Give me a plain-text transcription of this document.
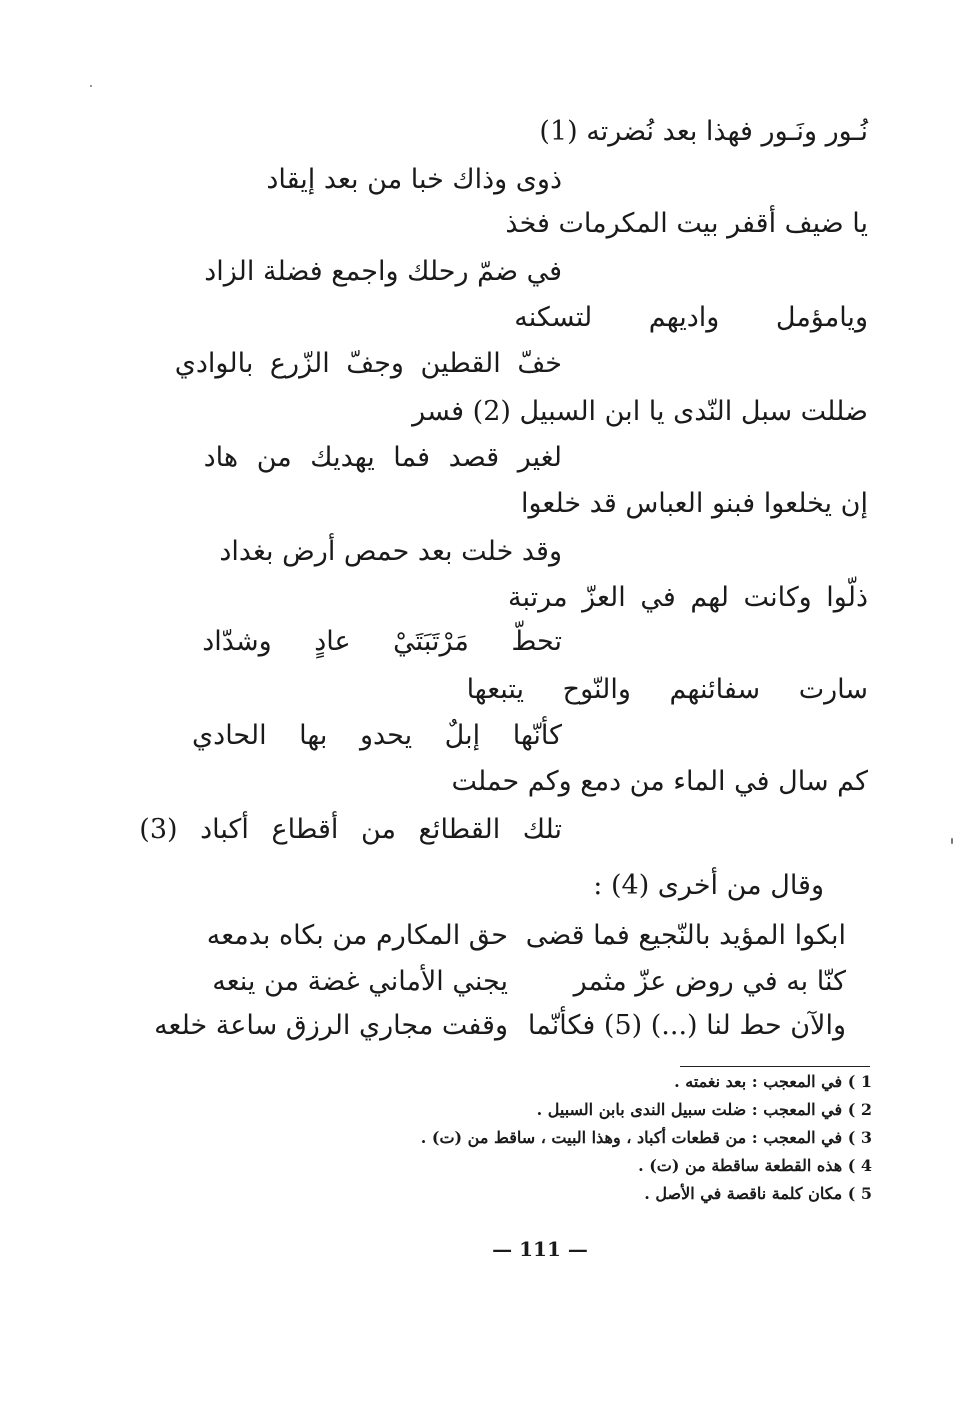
نُـور ونَـور فهذا بعد نُضرته (1)
ذوى وذاك خبا من بعد إيقاد
يا ضيف أقفر بيت المكرمات فخذ
في ضمّ رحلك واجمع فضلة الزاد
ويامؤمل واديهم لتسكنه
خفّ القطين وجفّ الزّرع بالوادي
ضللت سبل النّدى يا ابن السبيل (2) فسر
لغير قصد فما يهديك من هاد
إن يخلعوا فبنو العباس قد خلعوا
وقد خلت بعد حمص أرض بغداد
ذلّوا وكانت لهم في العزّ مرتبة
تحطّ مَرْتَبَتَيْ عادٍ وشدّاد
سارت سفائنهم والنّوح يتبعها
كأنّها إبلٌ يحدو بها الحادي
كم سال في الماء من دمع وكم حملت
تلك القطائع من أقطاع أكباد (3)
وقال من أخرى (4) :
ابكوا المؤيد بالنّجيع فما قضى
حق المكارم من بكاه بدمعه
كنّا به في روض عزّ مثمر
يجني الأماني غضة من ينعه
والآن حط لنا (...) (5) فكأنّما
وقفت مجاري الرزق ساعة خلعه
1 ) في المعجب : بعد نغمته .
2 ) في المعجب : ضلت سبيل الندى بابن السبيل .
3 ) في المعجب : من قطعات أكباد ، وهذا البيت ، ساقط من (ت) .
4 ) هذه القطعة ساقطة من (ت) .
5 ) مكان كلمة ناقصة في الأصل .
— 111 —
